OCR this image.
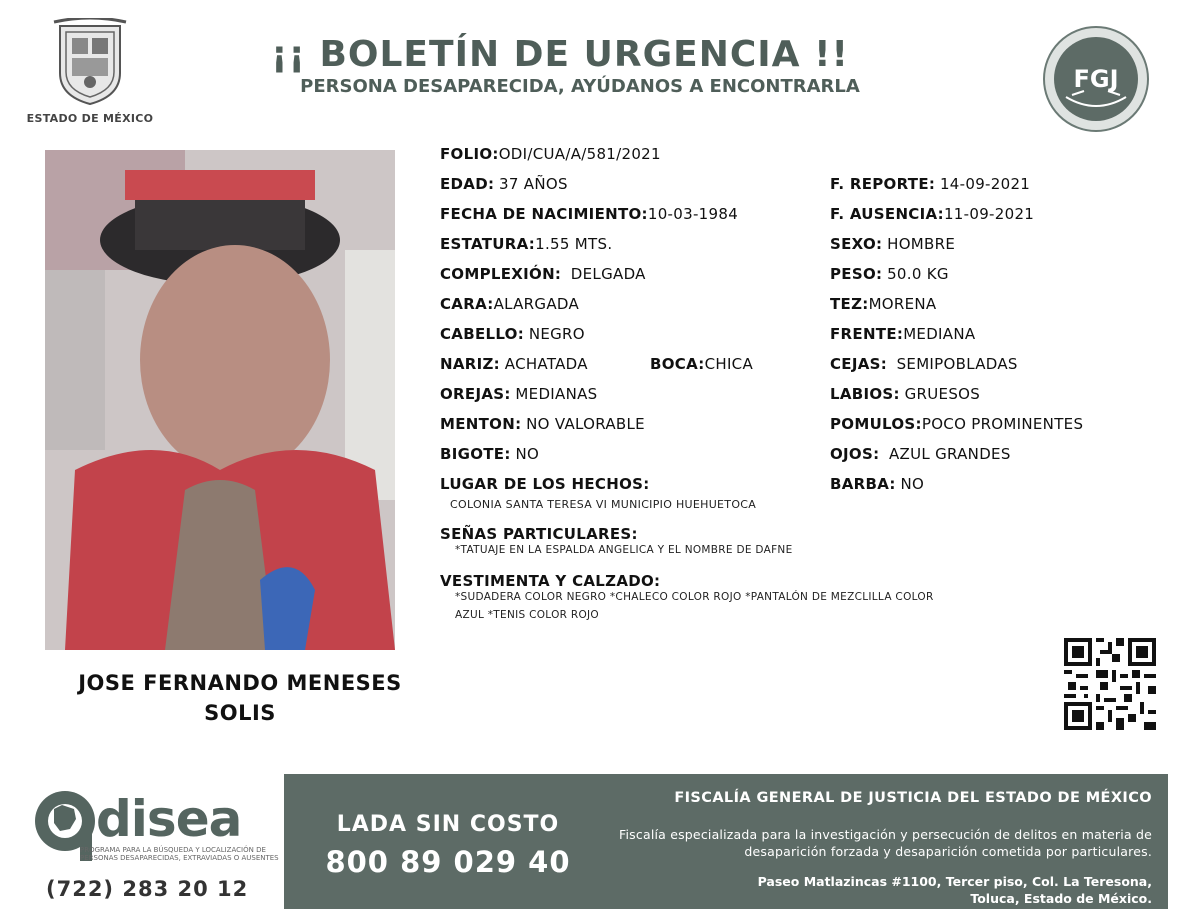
ESTADO DE MÉXICO
¡¡ BOLETÍN DE URGENCIA !!
PERSONA DESAPARECIDA, AYÚDANOS A ENCONTRARLA	FGJ
JOSE FERNANDO MENESES
SOLIS
FOLIO:ODI/CUA/A/581/2021
EDAD: 37 AÑOS
FECHA DE NACIMIENTO:10-03-1984
ESTATURA:1.55 MTS.
COMPLEXIÓN: DELGADA
CARA:ALARGADA
CABELLO: NEGRO
NARIZ: ACHATADA	BOCA:CHICA
OREJAS: MEDIANAS
MENTON: NO VALORABLE
BIGOTE: NO
LUGAR DE LOS HECHOS:
COLONIA SANTA TERESA VI MUNICIPIO HUEHUETOCA
SEÑAS PARTICULARES:
*TATUAJE EN LA ESPALDA ANGELICA Y EL NOMBRE DE DAFNE
VESTIMENTA Y CALZADO:
*SUDADERA COLOR NEGRO *CHALECO COLOR ROJO *PANTALÓN DE MEZCLILLA COLOR
AZUL *TENIS COLOR ROJO
F. REPORTE: 14-09-2021
F. AUSENCIA:11-09-2021
SEXO: HOMBRE
PESO: 50.0 KG
TEZ:MORENA
FRENTE:MEDIANA
CEJAS: SEMIPOBLADAS
LABIOS: GRUESOS
POMULOS:POCO PROMINENTES
OJOS: AZUL GRANDES
BARBA: NO
disea
PROGRAMA PARA LA BÚSQUEDA Y LOCALIZACIÓN DE PERSONAS DESAPARECIDAS, EXTRAVIADAS O AUSENTES
(722) 283 20 12
LADA SIN COSTO
800 89 029 40
FISCALÍA GENERAL DE JUSTICIA DEL ESTADO DE MÉXICO
Fiscalía especializada para la investigación y persecución de delitos en materia de desaparición forzada y desaparición cometida por particulares.
Paseo Matlazincas #1100, Tercer piso, Col. La Teresona,
Toluca, Estado de México.
